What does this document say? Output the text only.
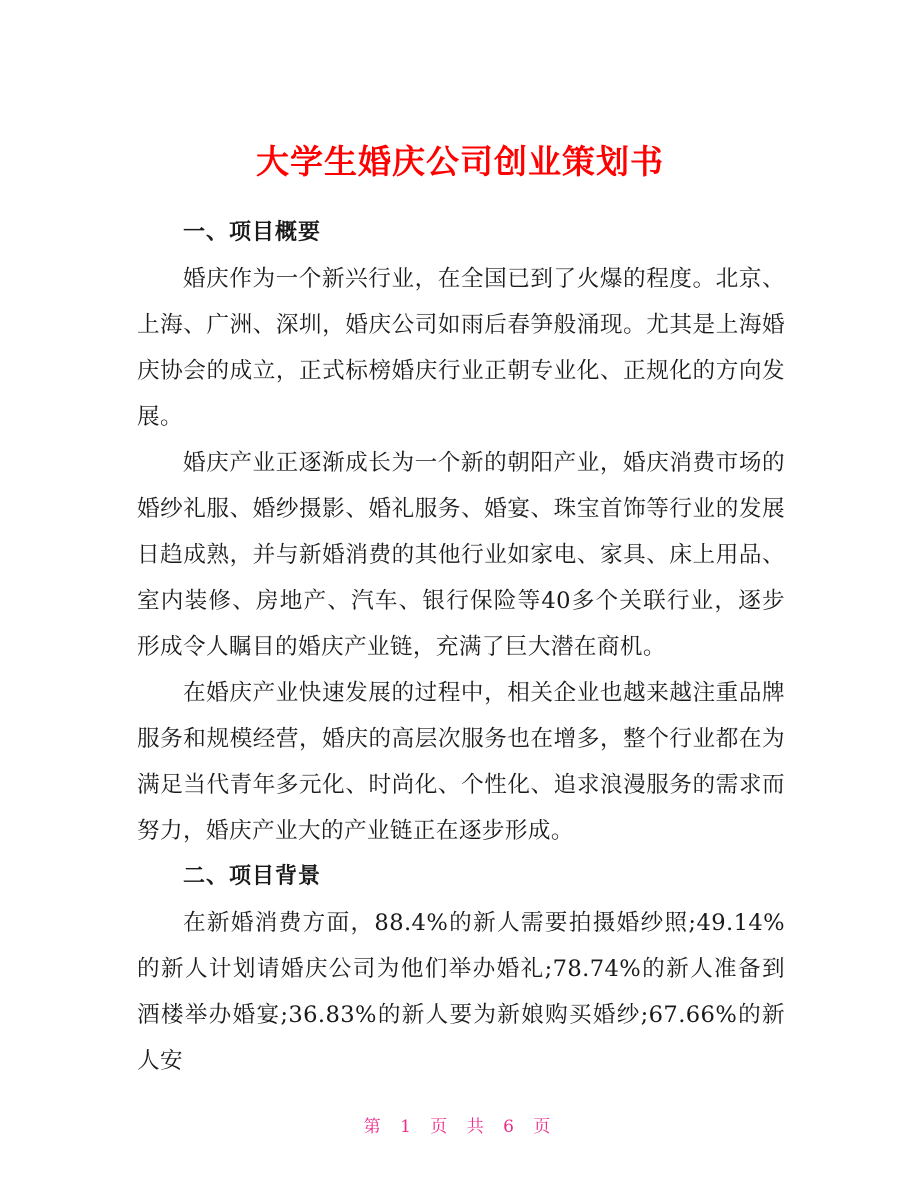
大学生婚庆公司创业策划书
一、项目概要

婚庆作为一个新兴行业，在全国已到了火爆的程度。北京、上海、广洲、深圳，婚庆公司如雨后春笋般涌现。尤其是上海婚庆协会的成立，正式标榜婚庆行业正朝专业化、正规化的方向发展。

婚庆产业正逐渐成长为一个新的朝阳产业，婚庆消费市场的婚纱礼服、婚纱摄影、婚礼服务、婚宴、珠宝首饰等行业的发展日趋成熟，并与新婚消费的其他行业如家电、家具、床上用品、室内装修、房地产、汽车、银行保险等40多个关联行业，逐步形成令人瞩目的婚庆产业链，充满了巨大潜在商机。

在婚庆产业快速发展的过程中，相关企业也越来越注重品牌服务和规模经营，婚庆的高层次服务也在增多，整个行业都在为满足当代青年多元化、时尚化、个性化、追求浪漫服务的需求而努力，婚庆产业大的产业链正在逐步形成。

二、项目背景

在新婚消费方面，88.4%的新人需要拍摄婚纱照;49.14%的新人计划请婚庆公司为他们举办婚礼;78.74%的新人准备到酒楼举办婚宴;36.83%的新人要为新娘购买婚纱;67.66%的新人安

第 1 页 共 6 页
